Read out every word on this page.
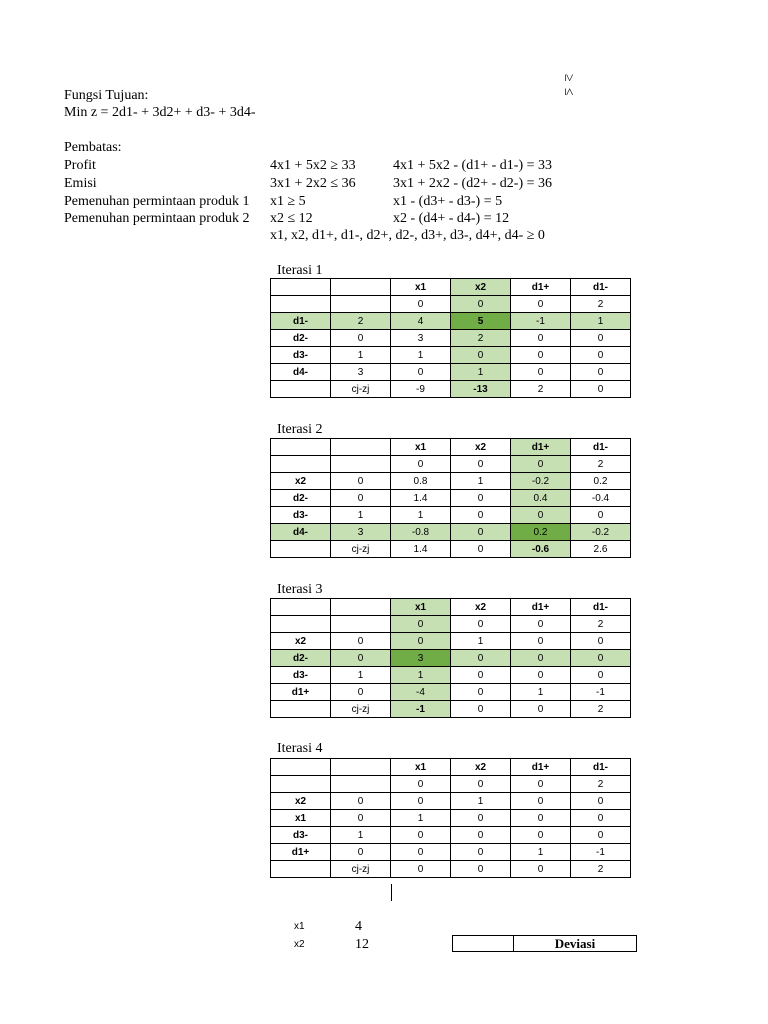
Fungsi Tujuan:
Min z = 2d1- + 3d2+ + d3- + 3d4-
Pembatas:
≥
≤
Profit	4x1 + 5x2 ≥ 33	4x1 + 5x2 - (d1+ - d1-) = 33
Emisi	3x1 + 2x2 ≤ 36	3x1 + 2x2 - (d2+ - d2-) = 36
Pemenuhan permintaan produk 1 x1 ≥ 5	x1 - (d3+ - d3-) = 5
Pemenuhan permintaan produk 2 x2 ≤ 12	x2 - (d4+ - d4-) = 12
x1, x2, d1+, d1-, d2+, d2-, d3+, d3-, d4+, d4- ≥ 0
Iterasi 1
Iterasi 2
Iterasi 3
Iterasi 4
		x1	x2	d1+	d1-
		0	0	0	2
d1-	2	4	5	-1	1
d2-	0	3	2	0	0
d3-	1	1	0	0	0
d4-	3	0	1	0	0
	cj-zj	-9	-13	2	0
		x1	x2	d1+	d1-
		0	0	0	2
x2	0	0.8	1	-0.2	0.2
d2-	0	1.4	0	0.4	-0.4
d3-	1	1	0	0	0
d4-	3	-0.8	0	0.2	-0.2
	cj-zj	1.4	0	-0.6	2.6
		x1	x2	d1+	d1-
		0	0	0	2
x2	0	0	1	0	0
d2-	0	3	0	0	0
d3-	1	1	0	0	0
d1+	0	-4	0	1	-1
	cj-zj	-1	0	0	2
		x1	x2	d1+	d1-
		0	0	0	2
x2	0	0	1	0	0
x1	0	1	0	0	0
d3-	1	0	0	0	0
d1+	0	0	0	1	-1
	cj-zj	0	0	0	2
x1	4
x2	12	Deviasi
